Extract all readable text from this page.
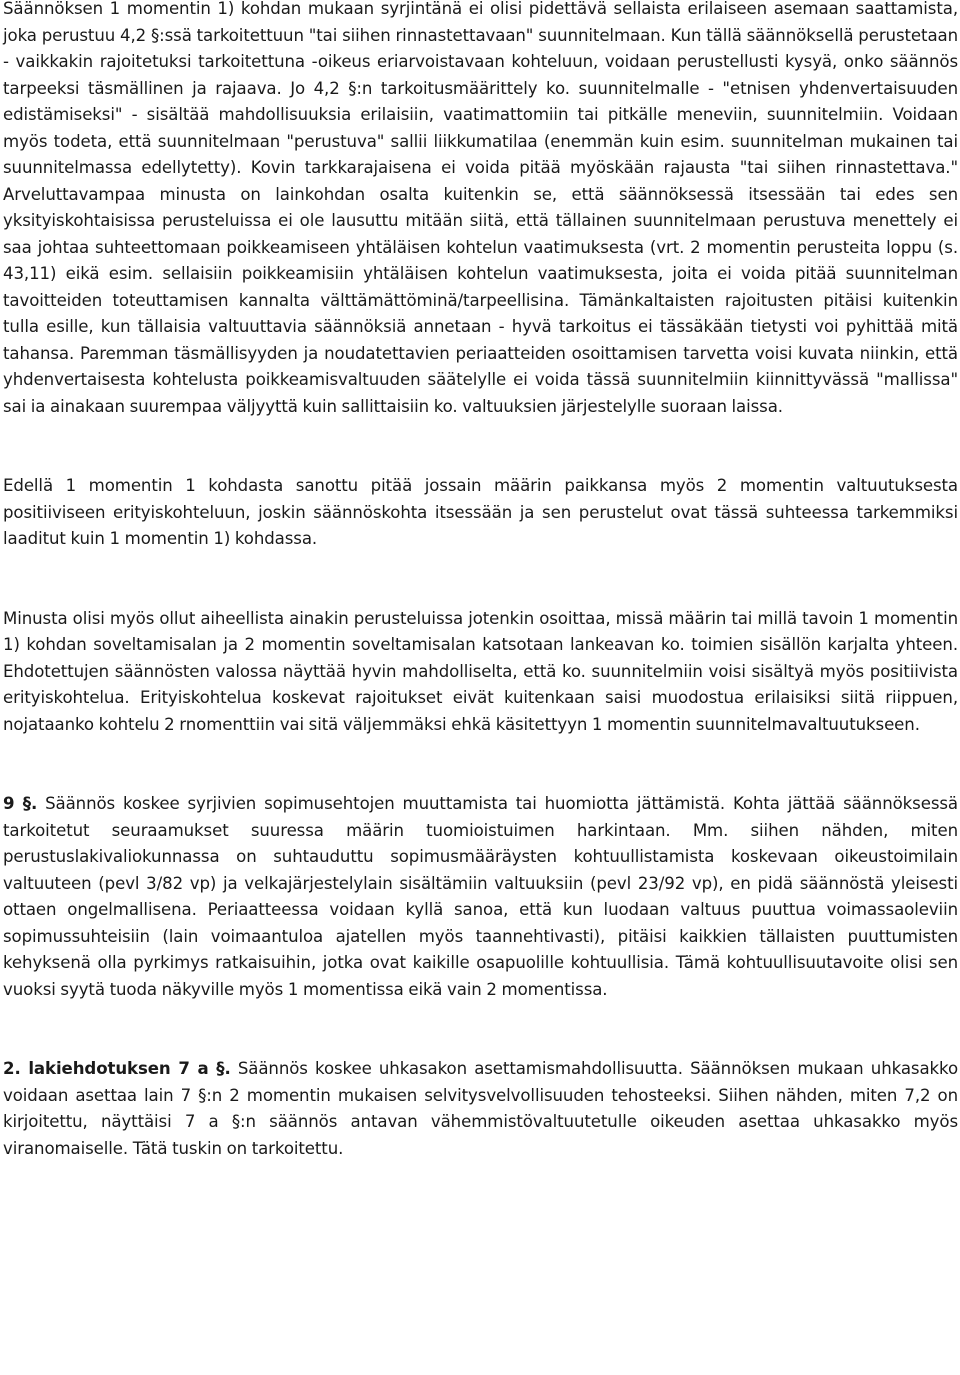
Säännöksen 1 momentin 1) kohdan mukaan syrjintänä ei olisi pidettävä sellaista erilaiseen asemaan saattamista, joka perustuu 4,2 §:ssä tarkoitettuun "tai siihen rinnastettavaan" suunnitelmaan. Kun tällä säännöksellä perustetaan - vaikkakin rajoitetuksi tarkoitettuna -oikeus eriarvoistavaan kohteluun, voidaan perustellusti kysyä, onko säännös tarpeeksi täsmällinen ja rajaava. Jo 4,2 §:n tarkoitusmäärittely ko. suunnitelmalle - "etnisen yhdenvertaisuuden edistämiseksi" - sisältää mahdollisuuksia erilaisiin, vaatimattomiin tai pitkälle meneviin, suunnitelmiin. Voidaan myös todeta, että suunnitelmaan "perustuva" sallii liikkumatilaa (enemmän kuin esim. suunnitelman mukainen tai suunnitelmassa edellytetty). Kovin tarkkarajaisena ei voida pitää myöskään rajausta "tai siihen rinnastettava." Arveluttavampaa minusta on lainkohdan osalta kuitenkin se, että säännöksessä itsessään tai edes sen yksityiskohtaisissa perusteluissa ei ole lausuttu mitään siitä, että tällainen suunnitelmaan perustuva menettely ei saa johtaa suhteettomaan poikkeamiseen yhtäläisen kohtelun vaatimuksesta (vrt. 2 momentin perusteita loppu (s. 43,11) eikä esim. sellaisiin poikkeamisiin yhtäläisen kohtelun vaatimuksesta, joita ei voida pitää suunnitelman tavoitteiden toteuttamisen kannalta välttämättöminä/tarpeellisina. Tämänkaltaisten rajoitusten pitäisi kuitenkin tulla esille, kun tällaisia valtuuttavia säännöksiä annetaan - hyvä tarkoitus ei tässäkään tietysti voi pyhittää mitä tahansa. Paremman täsmällisyyden ja noudatettavien periaatteiden osoittamisen tarvetta voisi kuvata niinkin, että yhdenvertaisesta kohtelusta poikkeamisvaltuuden säätelylle ei voida tässä suunnitelmiin kiinnittyvässä "mallissa" sai ia ainakaan suurempaa väljyyttä kuin sallittaisiin ko. valtuuksien järjestelylle suoraan laissa.

Edellä 1 momentin 1 kohdasta sanottu pitää jossain määrin paikkansa myös 2 momentin valtuutuksesta positiiviseen erityiskohteluun, joskin säännöskohta itsessään ja sen perustelut ovat tässä suhteessa tarkemmiksi laaditut kuin 1 momentin 1) kohdassa.

Minusta olisi myös ollut aiheellista ainakin perusteluissa jotenkin osoittaa, missä määrin tai millä tavoin 1 momentin 1) kohdan soveltamisalan ja 2 momentin soveltamisalan katsotaan lankeavan ko. toimien sisällön karjalta yhteen. Ehdotettujen säännösten valossa näyttää hyvin mahdolliselta, että ko. suunnitelmiin voisi sisältyä myös positiivista erityiskohtelua. Erityiskohtelua koskevat rajoitukset eivät kuitenkaan saisi muodostua erilaisiksi siitä riippuen, nojataanko kohtelu 2 rnomenttiin vai sitä väljemmäksi ehkä käsitettyyn 1 momentin suunnitelmavaltuutukseen.

9 §. Säännös koskee syrjivien sopimusehtojen muuttamista tai huomiotta jättämistä. Kohta jättää säännöksessä tarkoitetut seuraamukset suuressa määrin tuomioistuimen harkintaan. Mm. siihen nähden, miten perustuslakivaliokunnassa on suhtauduttu sopimusmääräysten kohtuullistamista koskevaan oikeustoimilain valtuuteen (pevl 3/82 vp) ja velkajärjestelylain sisältämiin valtuuksiin (pevl 23/92 vp), en pidä säännöstä yleisesti ottaen ongelmallisena. Periaatteessa voidaan kyllä sanoa, että kun luodaan valtuus puuttua voimassaoleviin sopimussuhteisiin (lain voimaantuloa ajatellen myös taannehtivasti), pitäisi kaikkien tällaisten puuttumisten kehyksenä olla pyrkimys ratkaisuihin, jotka ovat kaikille osapuolille kohtuullisia. Tämä kohtuullisuutavoite olisi sen vuoksi syytä tuoda näkyville myös 1 momentissa eikä vain 2 momentissa.

2. lakiehdotuksen 7 a §. Säännös koskee uhkasakon asettamismahdollisuutta. Säännöksen mukaan uhkasakko voidaan asettaa lain 7 §:n 2 momentin mukaisen selvitysvelvollisuuden tehosteeksi. Siihen nähden, miten 7,2 on kirjoitettu, näyttäisi 7 a §:n säännös antavan vähemmistövaltuutetulle oikeuden asettaa uhkasakko myös viranomaiselle. Tätä tuskin on tarkoitettu.
